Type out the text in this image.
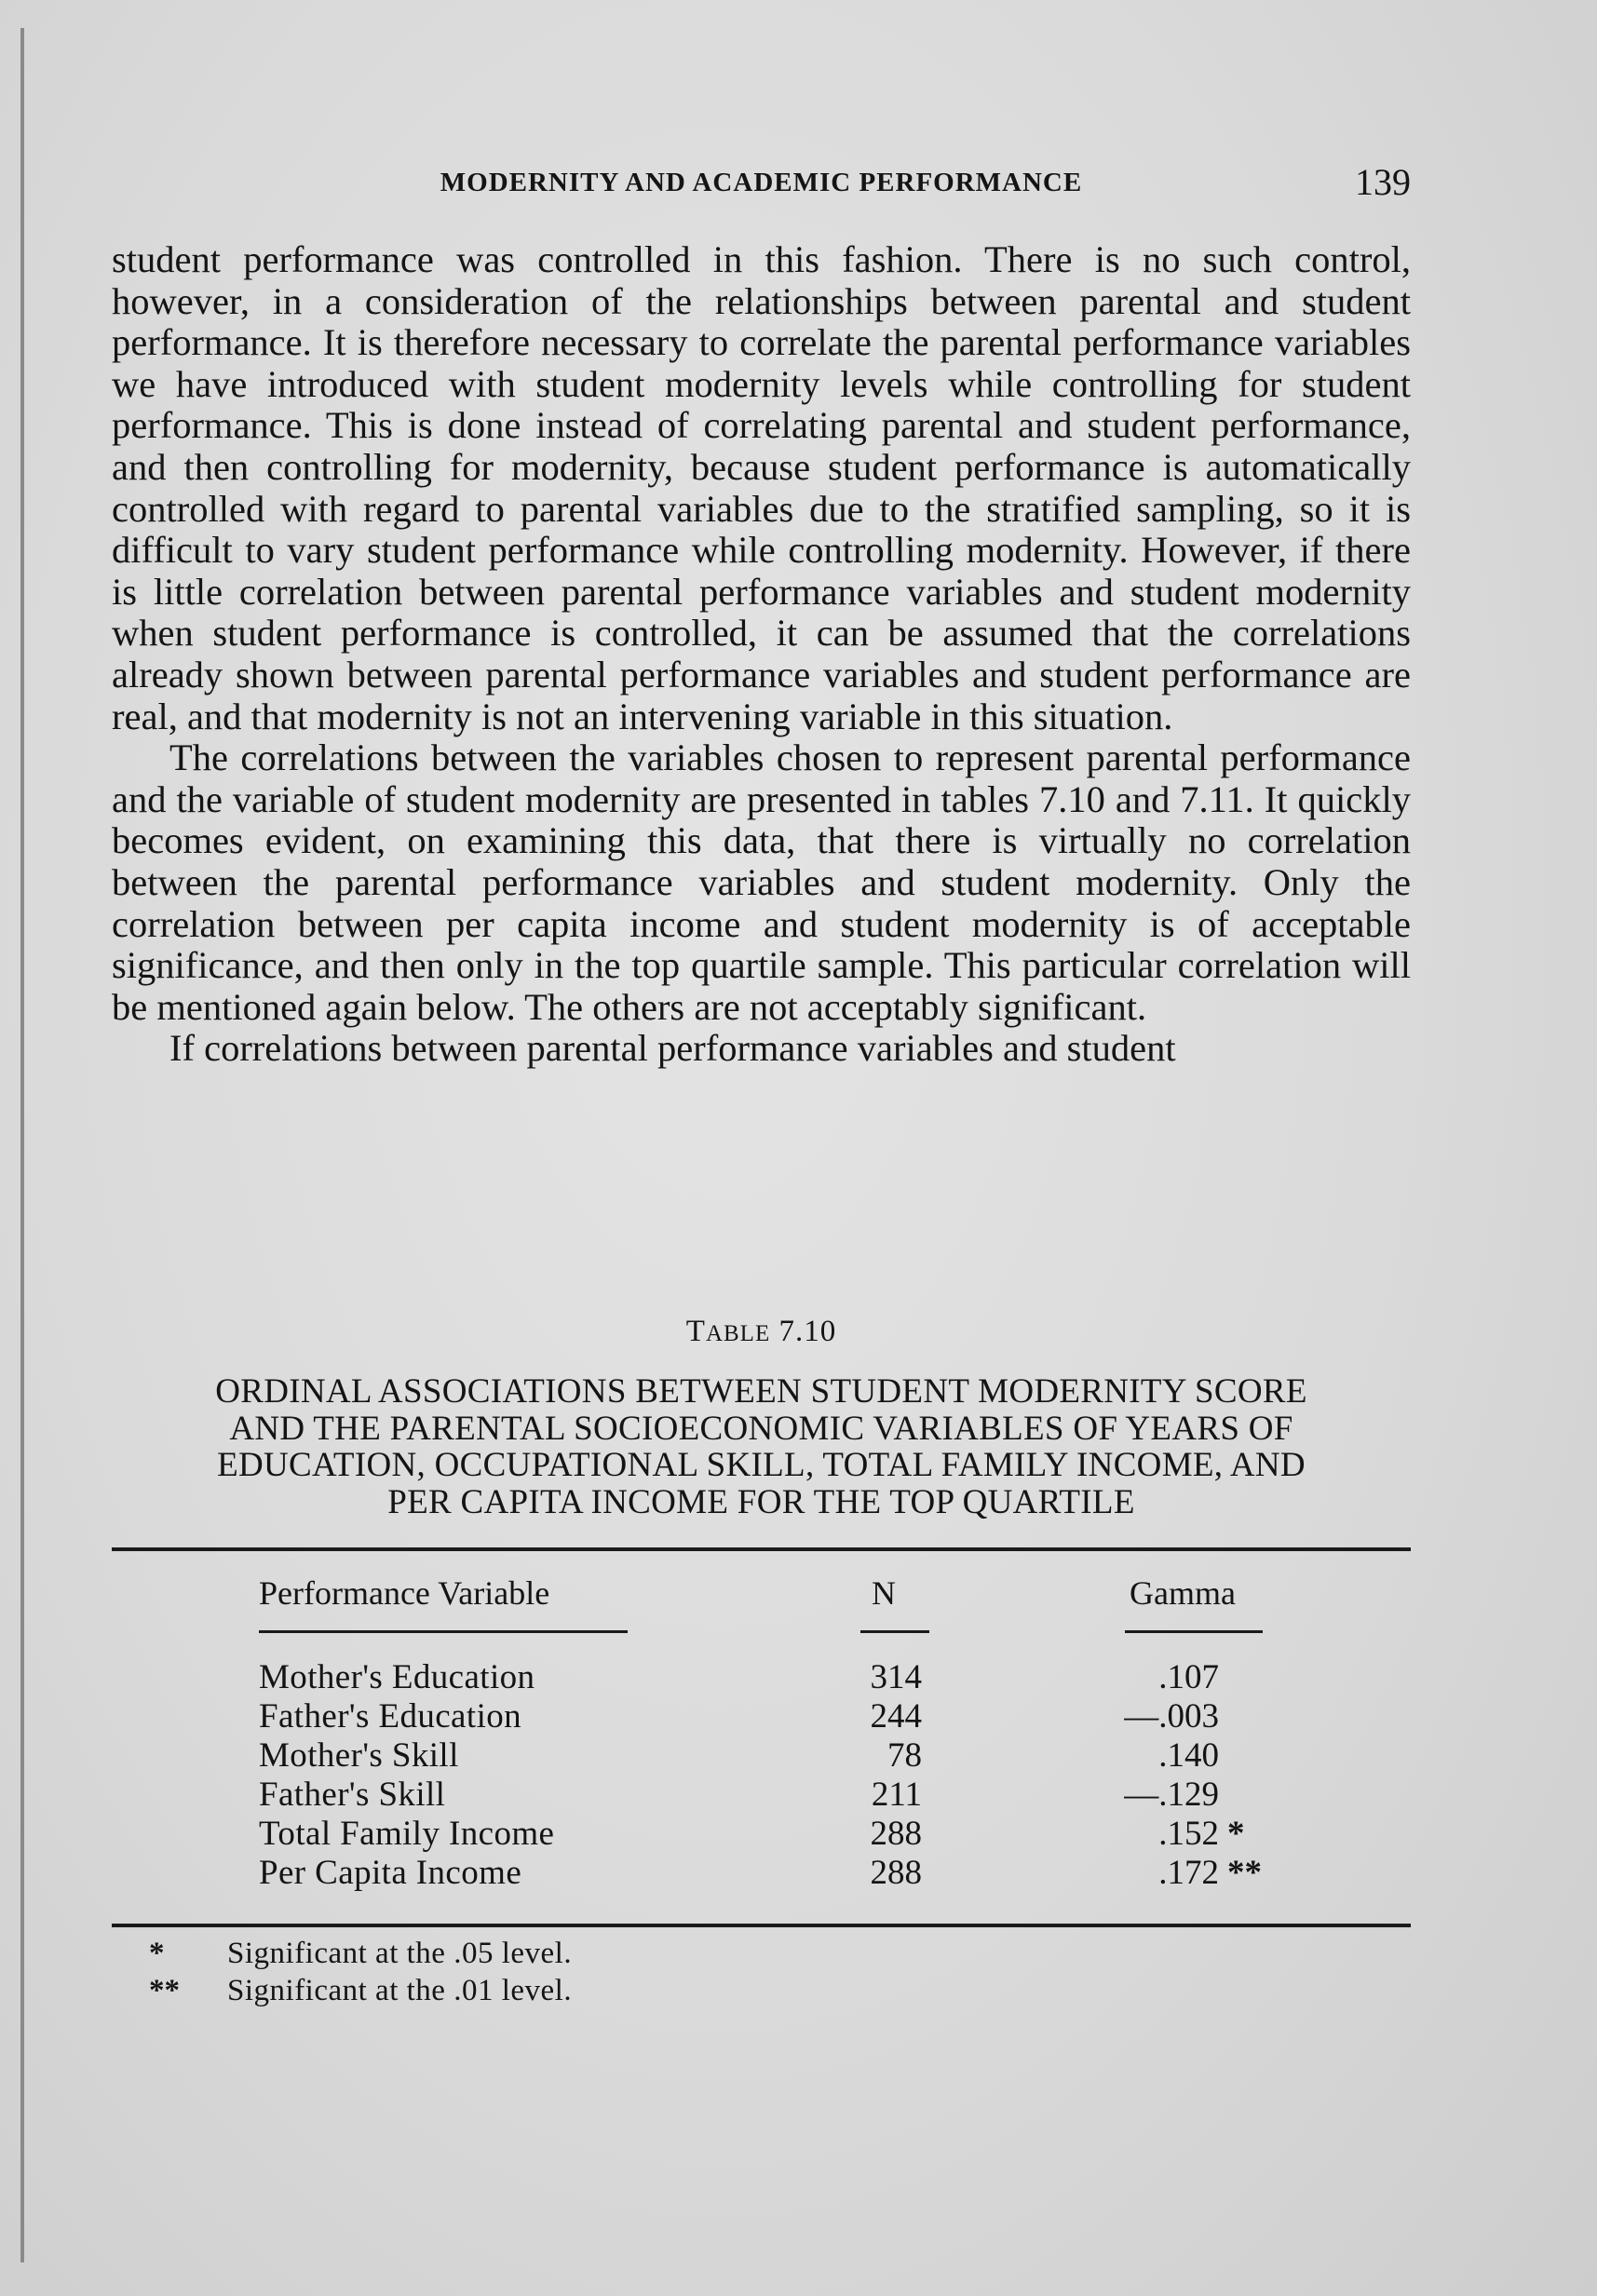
MODERNITY AND ACADEMIC PERFORMANCE	139

student performance was controlled in this fashion. There is no such control, however, in a consideration of the relationships between parental and student performance. It is therefore necessary to correlate the parental performance variables we have introduced with student modernity levels while controlling for student performance. This is done instead of correlating parental and student performance, and then controlling for modernity, because student performance is automatically controlled with regard to parental variables due to the stratified sampling, so it is difficult to vary student performance while controlling modernity. However, if there is little correlation between parental performance variables and student modernity when student performance is controlled, it can be assumed that the correlations already shown between parental performance variables and student performance are real, and that modernity is not an intervening variable in this situation.

The correlations between the variables chosen to represent parental performance and the variable of student modernity are presented in tables 7.10 and 7.11. It quickly becomes evident, on examining this data, that there is virtually no correlation between the parental performance variables and student modernity. Only the correlation between per capita income and student modernity is of acceptable significance, and then only in the top quartile sample. This particular correlation will be mentioned again below. The others are not acceptably significant.

If correlations between parental performance variables and student

TABLE 7.10
ORDINAL ASSOCIATIONS BETWEEN STUDENT MODERNITY SCORE
AND THE PARENTAL SOCIOECONOMIC VARIABLES OF YEARS OF
EDUCATION, OCCUPATIONAL SKILL, TOTAL FAMILY INCOME, AND
PER CAPITA INCOME FOR THE TOP QUARTILE
Performance Variable	N	Gamma
Mother's Education	314	.107
Father's Education	244	—.003
Mother's Skill	78	.140
Father's Skill	211	—.129
Total Family Income	288	.152 *
Per Capita Income	288	.172 **
* Significant at the .05 level.
** Significant at the .01 level.
